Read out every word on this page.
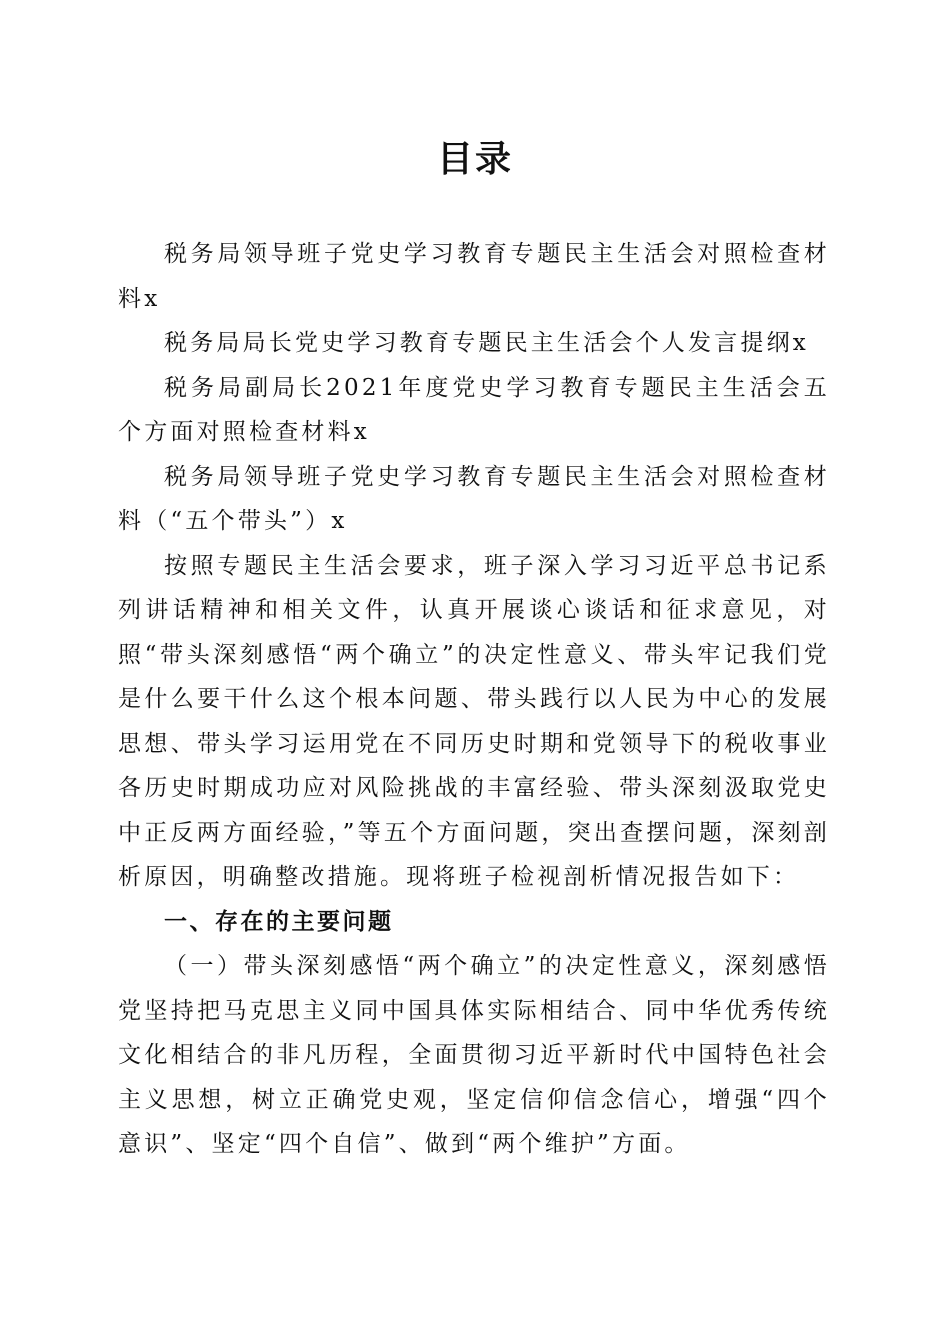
目录

税务局领导班子党史学习教育专题民主生活会对照检查材料x

税务局局长党史学习教育专题民主生活会个人发言提纲x

税务局副局长2021年度党史学习教育专题民主生活会五个方面对照检查材料x

税务局领导班子党史学习教育专题民主生活会对照检查材料（“五个带头”）x

按照专题民主生活会要求，班子深入学习习近平总书记系列讲话精神和相关文件，认真开展谈心谈话和征求意见，对照“带头深刻感悟“两个确立”的决定性意义、带头牢记我们党是什么要干什么这个根本问题、带头践行以人民为中心的发展思想、带头学习运用党在不同历史时期和党领导下的税收事业各历史时期成功应对风险挑战的丰富经验、带头深刻汲取党史中正反两方面经验，”等五个方面问题，突出查摆问题，深刻剖析原因，明确整改措施。现将班子检视剖析情况报告如下：

一、存在的主要问题

（一）带头深刻感悟“两个确立”的决定性意义，深刻感悟党坚持把马克思主义同中国具体实际相结合、同中华优秀传统文化相结合的非凡历程，全面贯彻习近平新时代中国特色社会主义思想，树立正确党史观，坚定信仰信念信心，增强“四个意识”、坚定“四个自信”、做到“两个维护”方面。
